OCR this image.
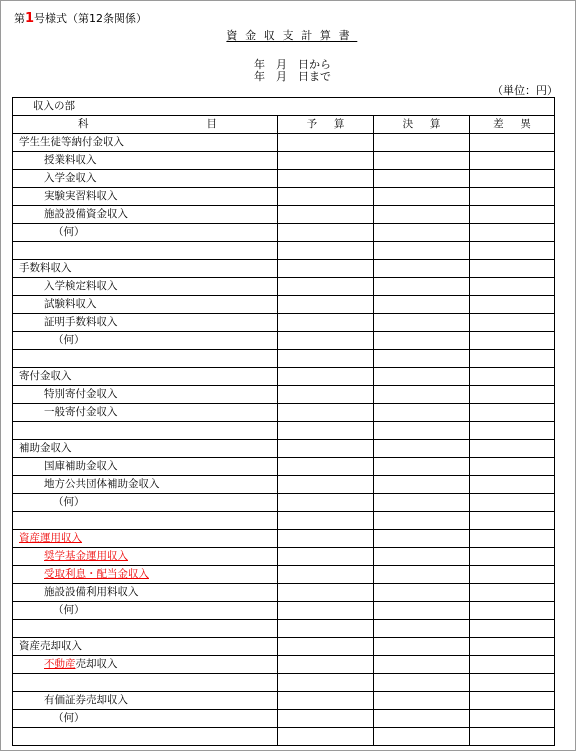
第1号様式（第12条関係）
資金収支計算書
年　月　日から
年　月　日まで
（単位：円）
収入の部			

科 目	予算	決算	差異
学生生徒等納付金収入			
授業料収入			
入学金収入			
実験実習料収入			
施設設備資金収入			
（何）			

手数料収入			
入学検定料収入			
試験料収入			
証明手数料収入			
（何）			

寄付金収入			
特別寄付金収入			
一般寄付金収入			

補助金収入			
国庫補助金収入			
地方公共団体補助金収入			
（何）			

資産運用収入			
奨学基金運用収入			
受取利息・配当金収入			
施設設備利用料収入			
（何）			

資産売却収入			
不動産売却収入			

有価証券売却収入			
（何）			
